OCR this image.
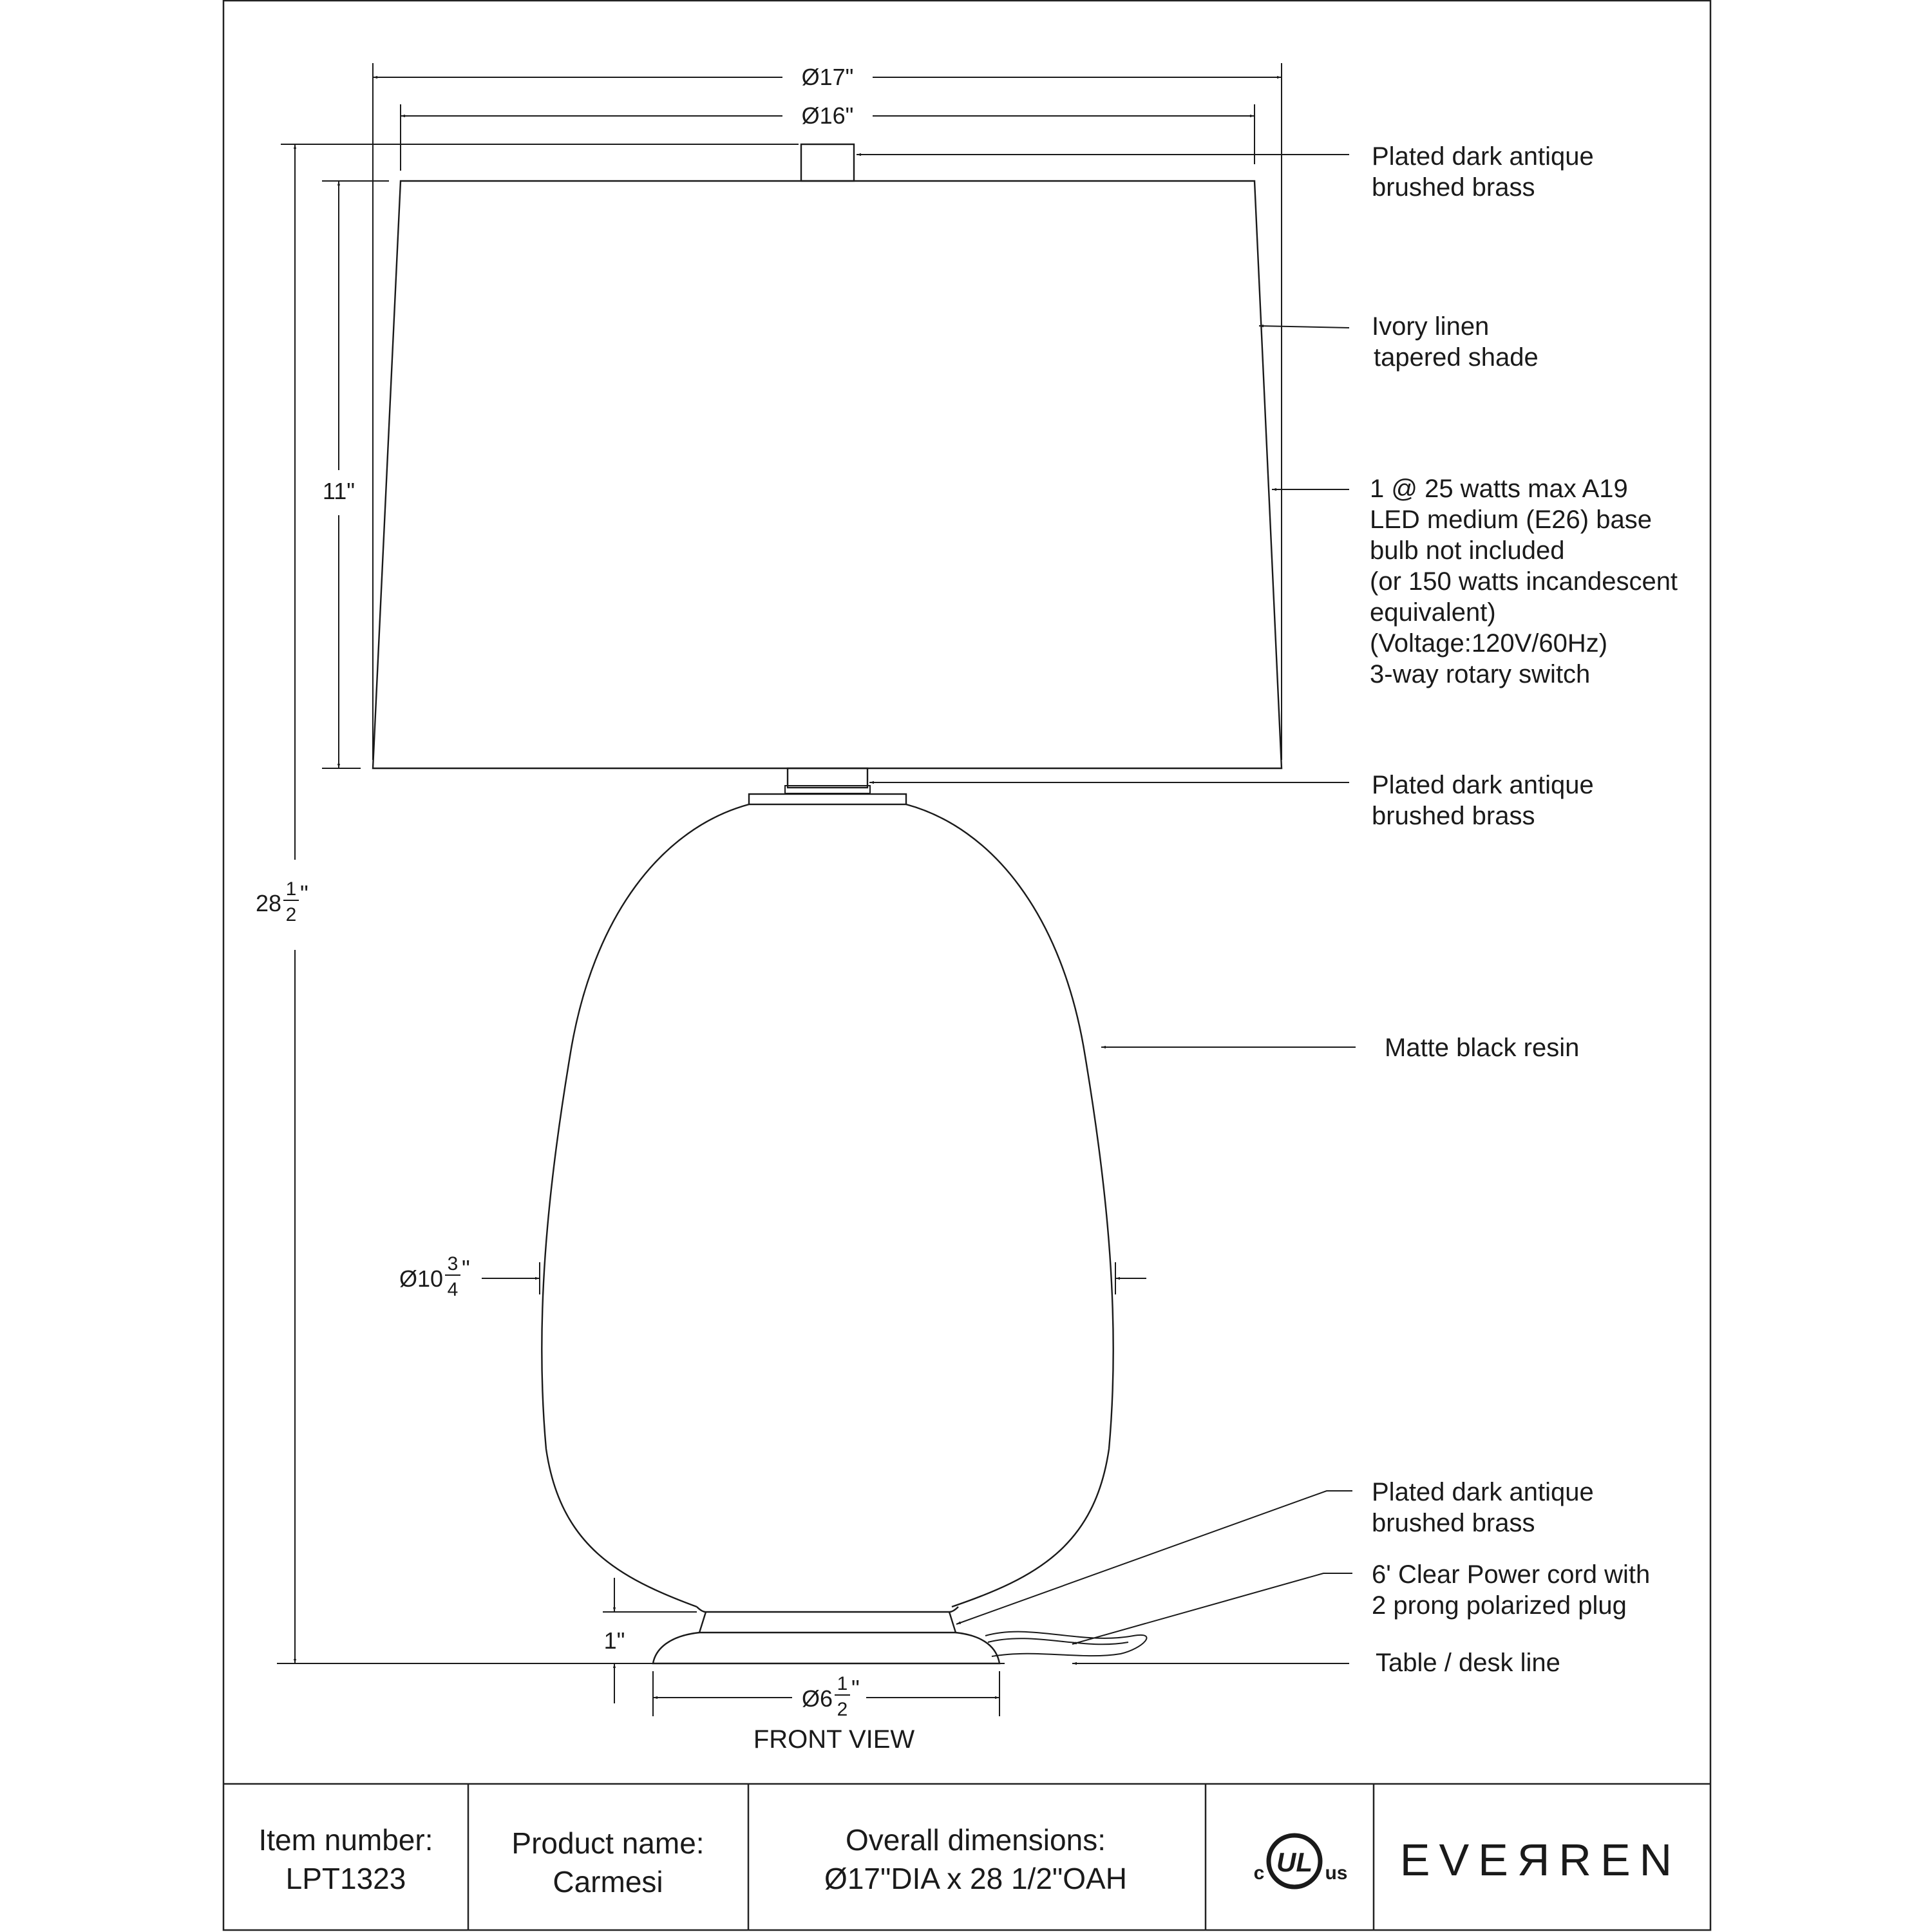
Ø17"
Ø16"
11"
28
1
2
"
Ø10
3
4
"
1"
Ø6
1
2
"
FRONT VIEW
Plated dark antique
brushed brass
Ivory linen
tapered shade
1 @ 25 watts max A19
LED medium (E26) base
bulb not included
(or 150 watts incandescent
equivalent)
(Voltage:120V/60Hz)
3-way rotary switch
Plated dark antique
brushed brass
Matte black resin
Plated dark antique
brushed brass
6' Clear Power cord with
2 prong polarized plug
Table / desk line
Item number:
LPT1323
Product name:
Carmesi
Overall dimensions:
Ø17"DIA x 28 1/2"OAH	UL
c	us EVEЯREN
